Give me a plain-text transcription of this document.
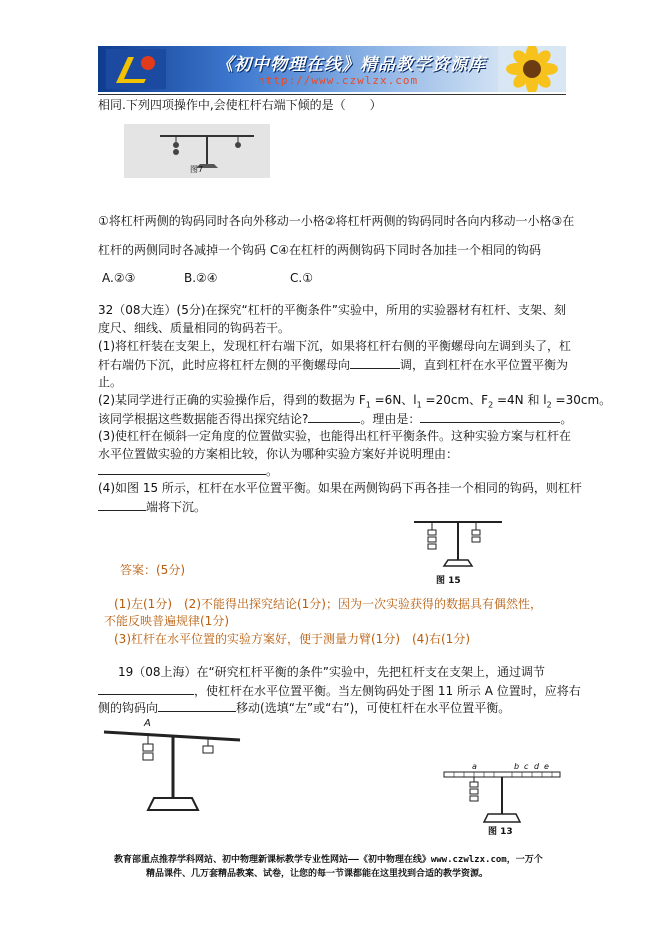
《初中物理在线》精品教学资源库
http://www.czwlzx.com
相同.下列四项操作中,会使杠杆右端下倾的是（　　）
图7
①将杠杆两侧的钩码同时各向外移动一小格②将杠杆两侧的钩码同时各向内移动一小格③在
杠杆的两侧同时各减掉一个钩码 C④在杠杆的两侧钩码下同时各加挂一个相同的钩码
A.②③	B.②④	C.①
32（08大连）(5分)在探究“杠杆的平衡条件”实验中，所用的实验器材有杠杆、支架、刻
度尺、细线、质量相同的钩码若干。
(1)将杠杆装在支架上，发现杠杆右端下沉，如果将杠杆右侧的平衡螺母向左调到头了，杠
杆右端仍下沉，此时应将杠杆左侧的平衡螺母向	调，直到杠杆在水平位置平衡为
止。
(2)某同学进行正确的实验操作后，得到的数据为 $F_1 =6N$、$l_1 =20cm$、$F_2 =4N$ 和 $l_2 =30cm$。
该同学根据这些数据能否得出探究结论?	。理由是：	。
(3)使杠杆在倾斜一定角度的位置做实验，也能得出杠杆平衡条件。这种实验方案与杠杆在
水平位置做实验的方案相比较，你认为哪种实验方案好并说明理由：
。
(4)如图 15 所示，杠杆在水平位置平衡。如果在两侧钩码下再各挂一个相同的钩码，则杠杆
端将下沉。
图 15
答案：(5分)
(1)左(1分)　(2)不能得出探究结论(1分)；因为一次实验获得的数据具有偶然性，
不能反映普遍规律(1分)
(3)杠杆在水平位置的实验方案好，便于测量力臂(1分)　(4)右(1分)
19（08上海）在“研究杠杆平衡的条件”实验中，先把杠杆支在支架上，通过调节
，使杠杆在水平位置平衡。当左侧钩码处于图 11 所示 A 位置时，应将右
侧的钩码向	移动(选填“左”或“右”)，可使杠杆在水平位置平衡。
A
a	b c d e
图 13
教育部重点推荐学科网站、初中物理新课标教学专业性网站——《初中物理在线》www.czwlzx.com，一万个
精品课件、几万套精品教案、试卷，让您的每一节课都能在这里找到合适的教学资源。
